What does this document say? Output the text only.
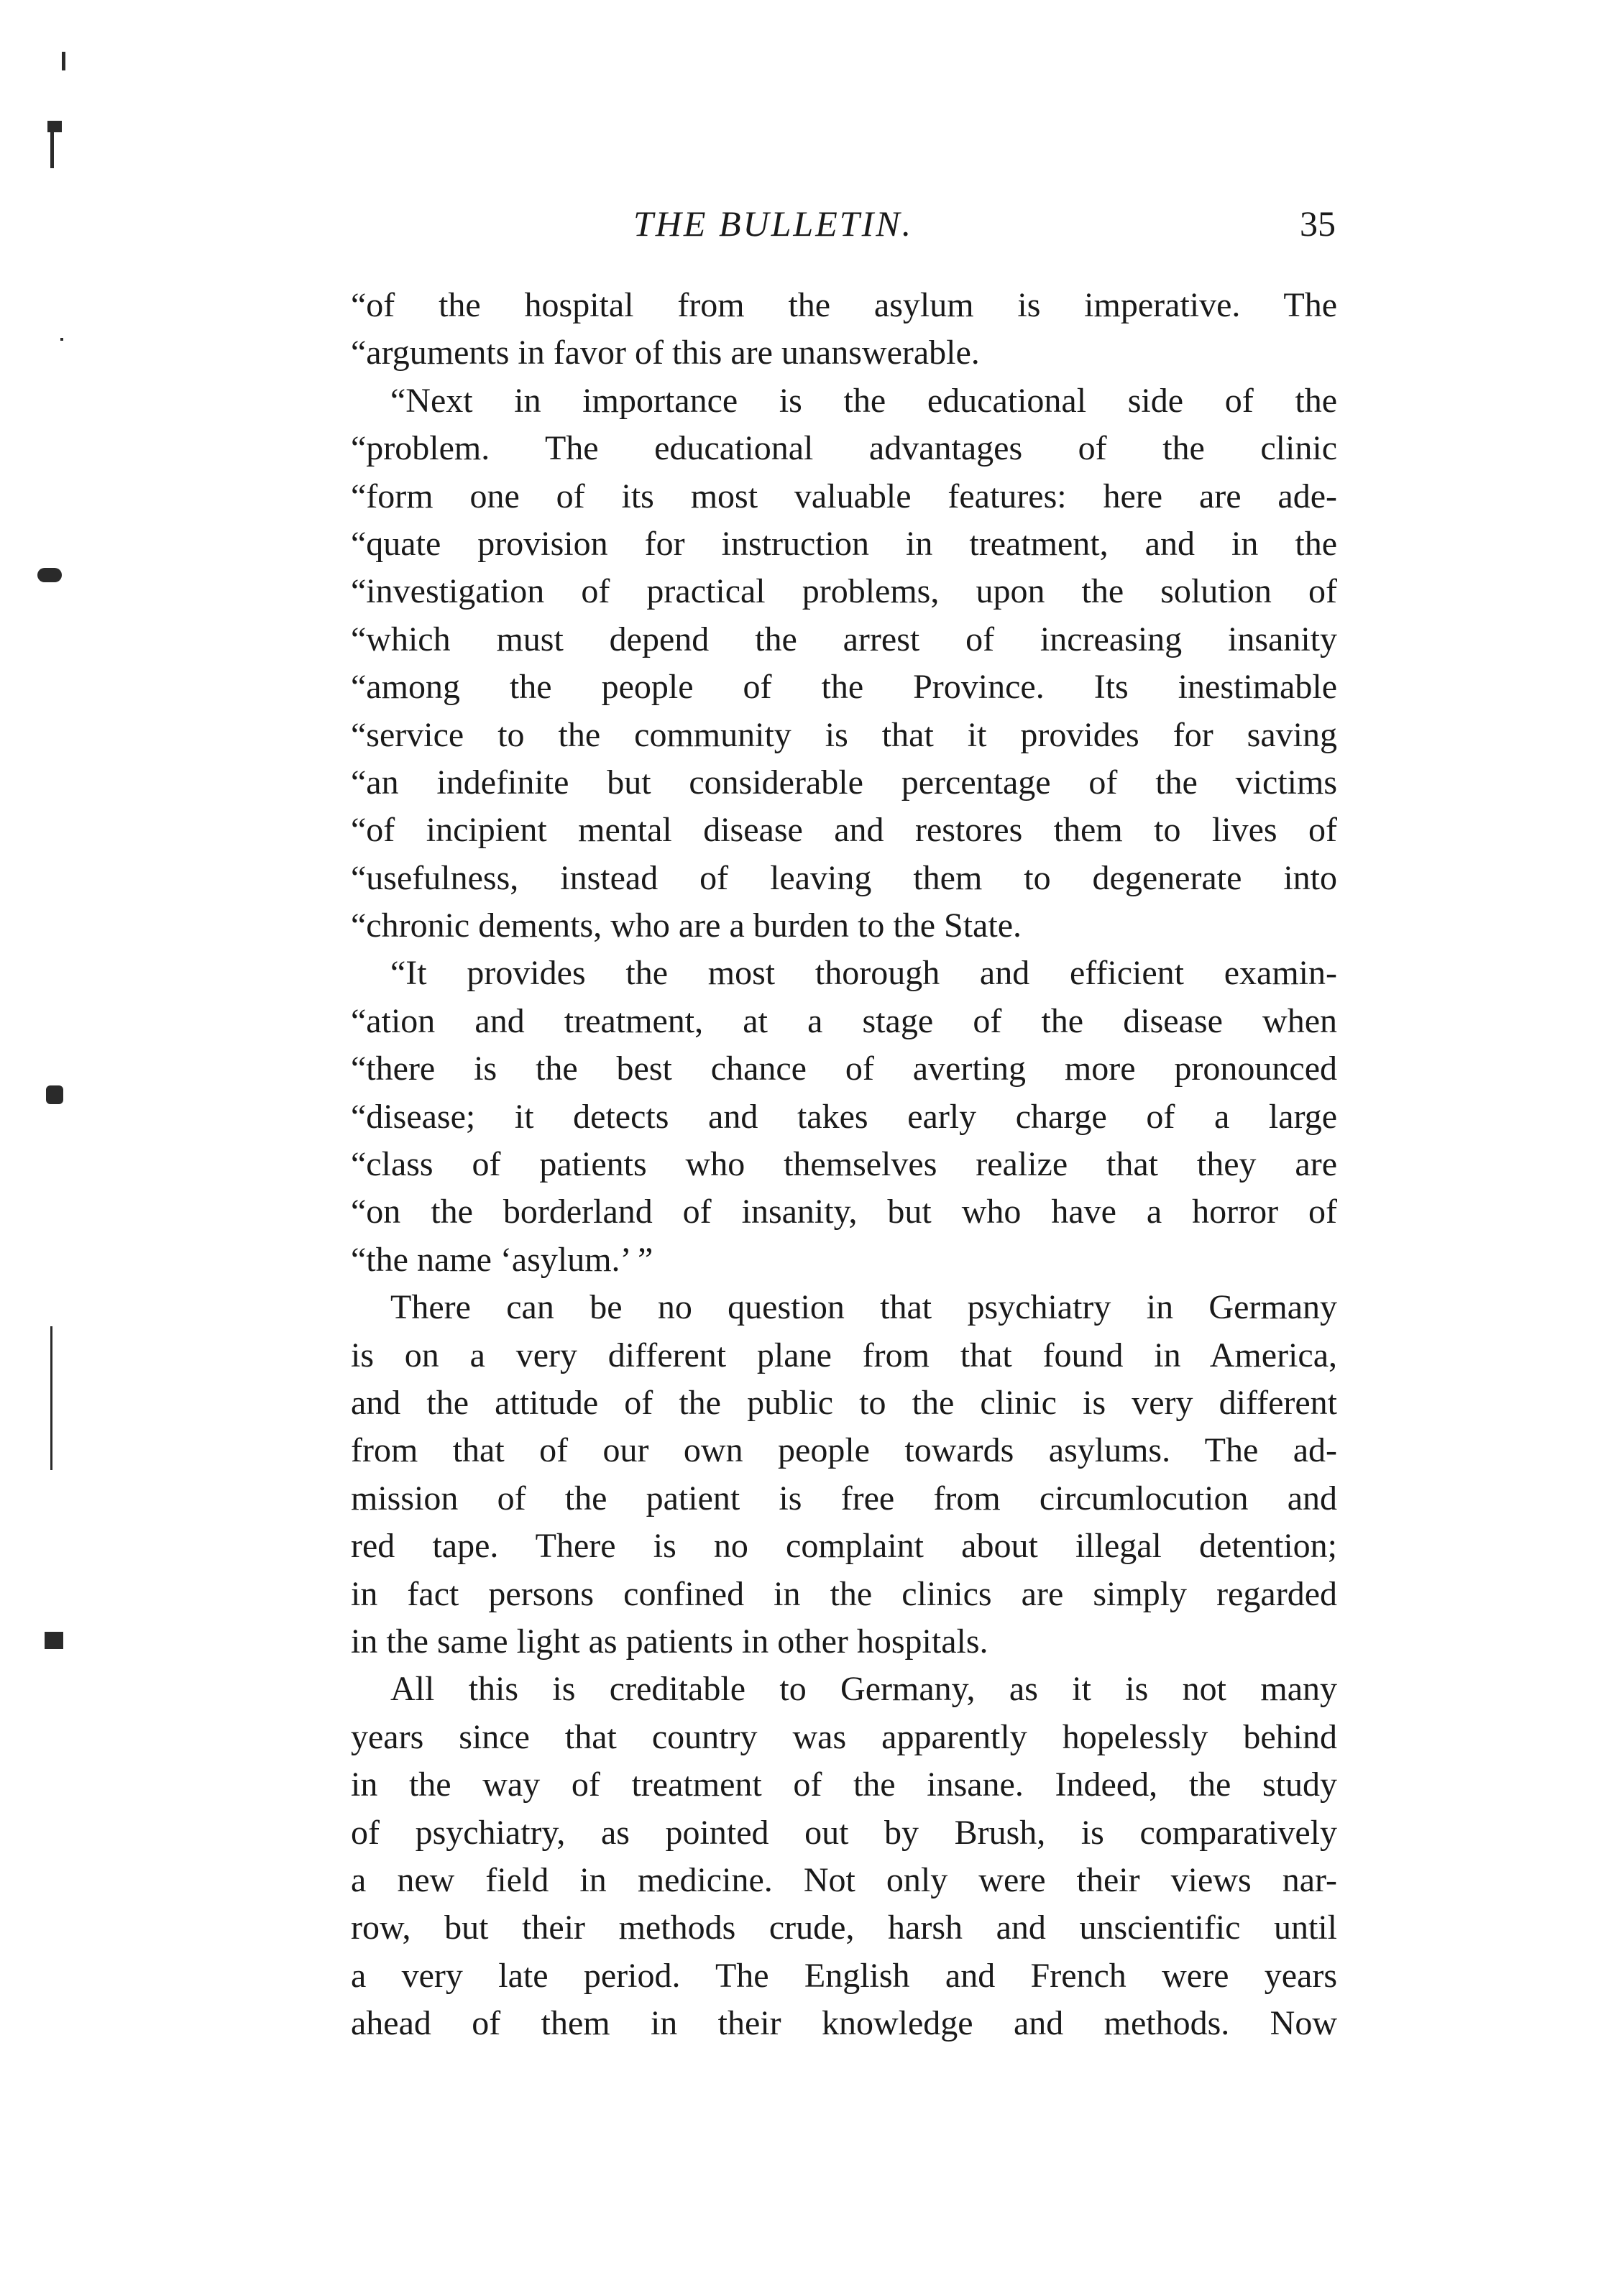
THE BULLETIN.	35
“of the hospital from the asylum is imperative. The
“arguments in favor of this are unanswerable.
“Next in importance is the educational side of the
“problem. The educational advantages of the clinic
“form one of its most valuable features: here are ade-
“quate provision for instruction in treatment, and in the
“investigation of practical problems, upon the solution of
“which must depend the arrest of increasing insanity
“among the people of the Province. Its inestimable
“service to the community is that it provides for saving
“an indefinite but considerable percentage of the victims
“of incipient mental disease and restores them to lives of
“usefulness, instead of leaving them to degenerate into
“chronic dements, who are a burden to the State.
“It provides the most thorough and efficient examin-
“ation and treatment, at a stage of the disease when
“there is the best chance of averting more pronounced
“disease; it detects and takes early charge of a large
“class of patients who themselves realize that they are
“on the borderland of insanity, but who have a horror of
“the name ‘asylum.’ ”
There can be no question that psychiatry in Germany
is on a very different plane from that found in America,
and the attitude of the public to the clinic is very different
from that of our own people towards asylums. The ad-
mission of the patient is free from circumlocution and
red tape. There is no complaint about illegal detention;
in fact persons confined in the clinics are simply regarded
in the same light as patients in other hospitals.
All this is creditable to Germany, as it is not many
years since that country was apparently hopelessly behind
in the way of treatment of the insane. Indeed, the study
of psychiatry, as pointed out by Brush, is comparatively
a new field in medicine. Not only were their views nar-
row, but their methods crude, harsh and unscientific until
a very late period. The English and French were years
ahead of them in their knowledge and methods. Now
